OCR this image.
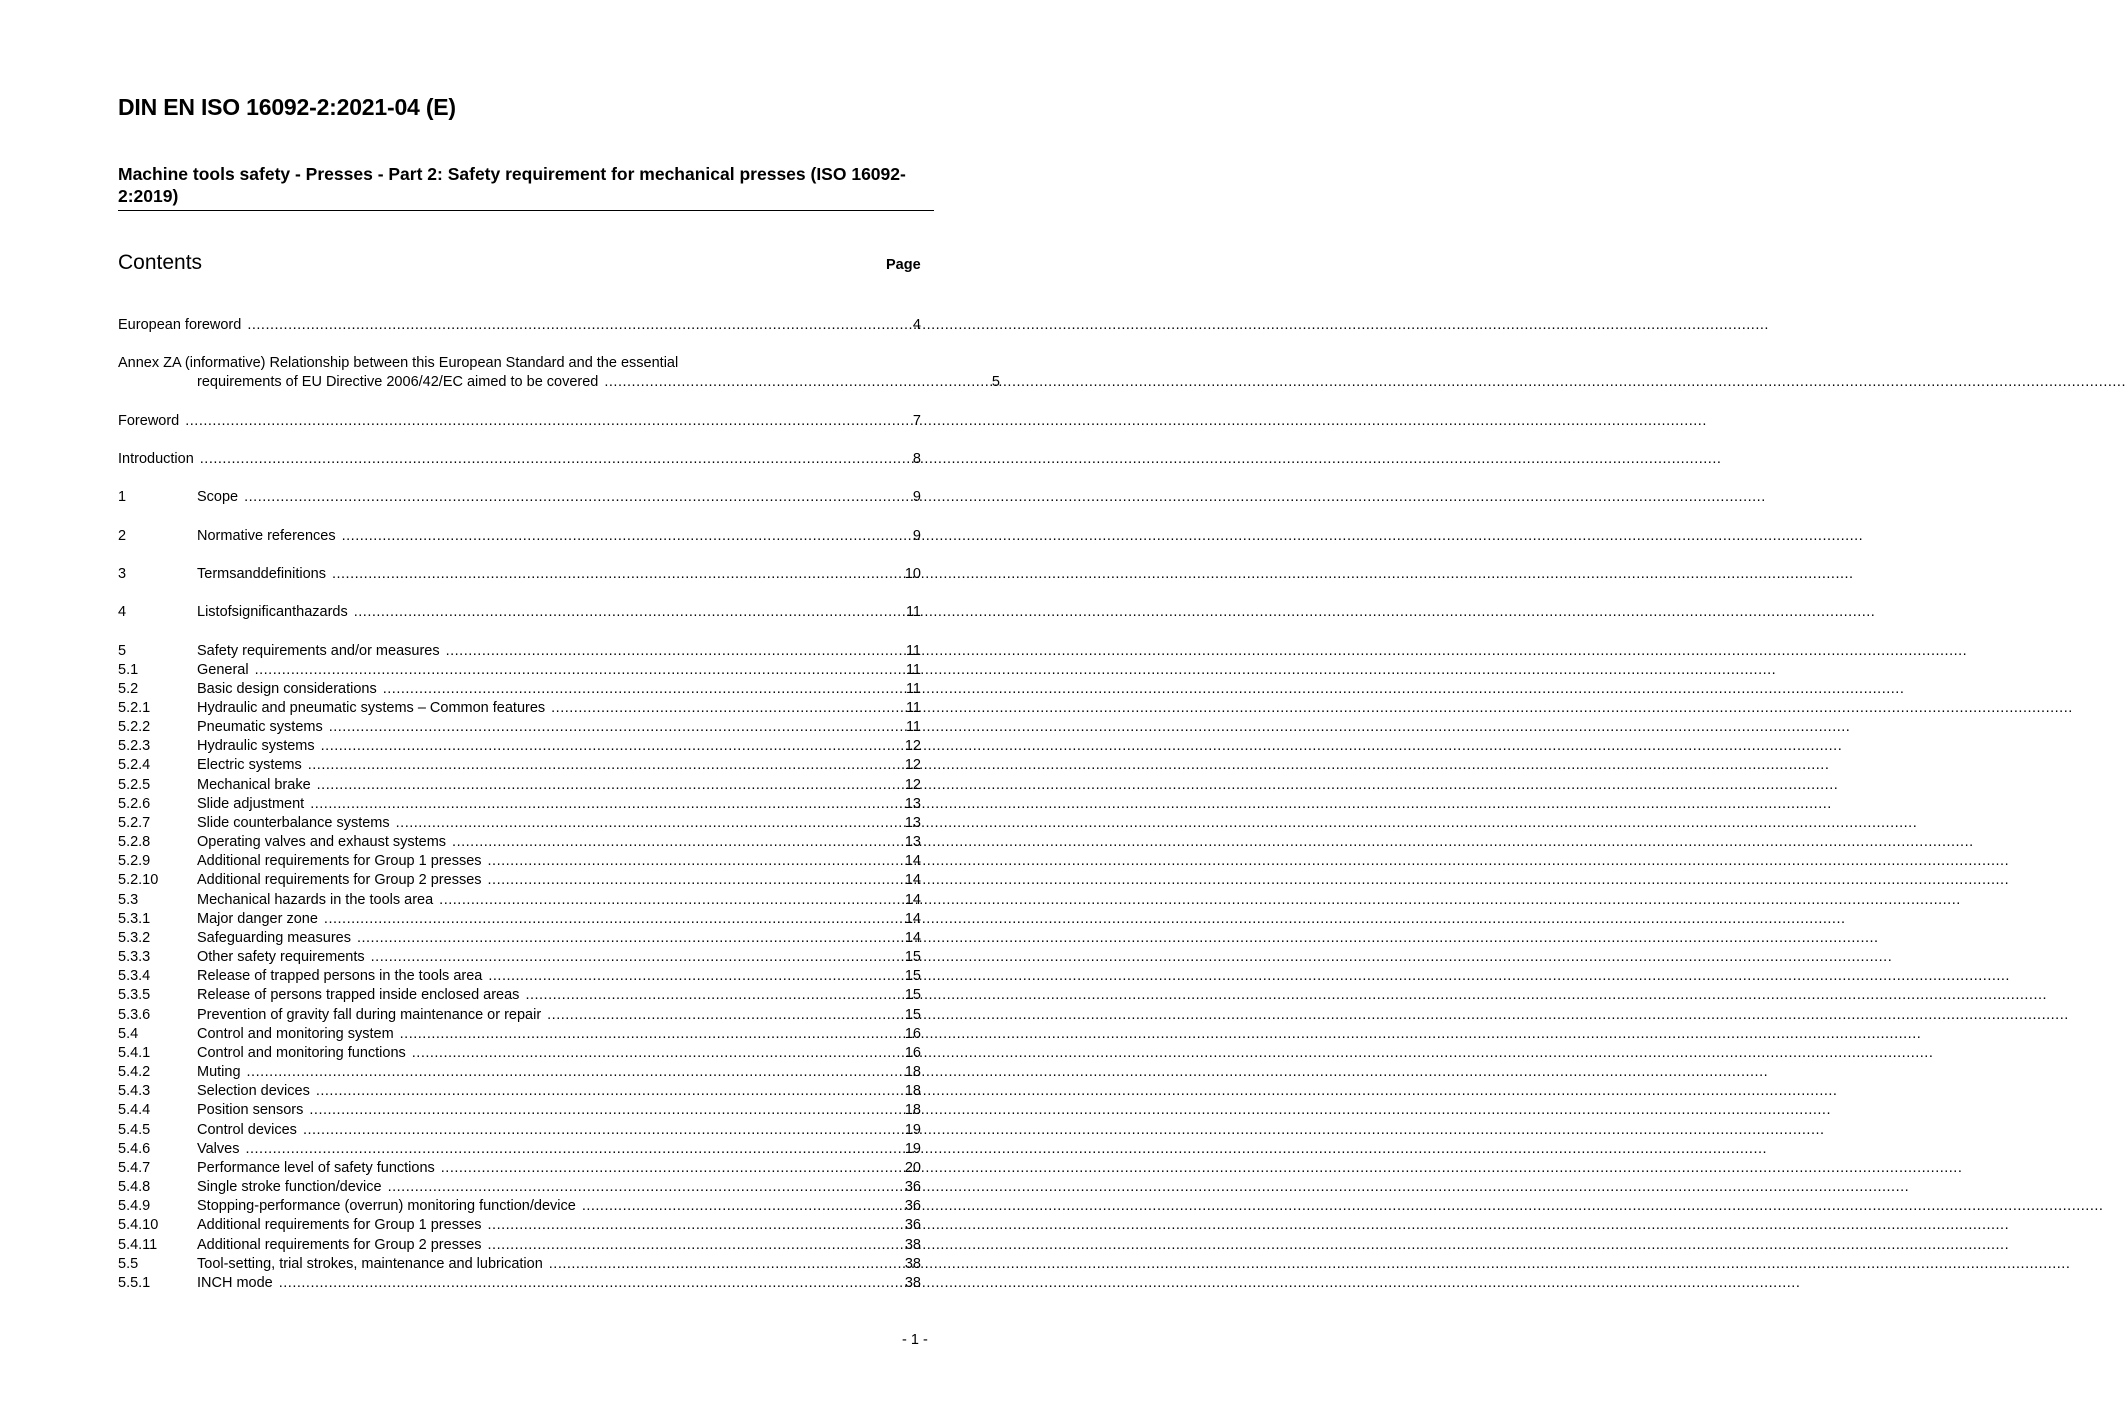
DIN EN ISO 16092-2:2021-04 (E)
Machine tools safety - Presses - Part 2: Safety requirement for mechanical presses (ISO 16092-2:2019)
Contents	Page
European foreword .....	4
Annex ZA (informative) Relationship between this European Standard and the essential
requirements of EU Directive 2006/42/EC aimed to be covered .....	5
Foreword .....	7
Introduction .....	8
1	Scope .....	9
2	Normative references .....	9
3	Termsanddefinitions .....	10
4	Listofsignificanthazards .....	11
5	Safety requirements and/or measures .....	11
5.1	General .....	11
5.2	Basic design considerations .....	11
5.2.1	Hydraulic and pneumatic systems – Common features .....	11
5.2.2	Pneumatic systems .....	11
5.2.3	Hydraulic systems .....	12
5.2.4	Electric systems .....	12
5.2.5	Mechanical brake .....	12
5.2.6	Slide adjustment .....	13
5.2.7	Slide counterbalance systems .....	13
5.2.8	Operating valves and exhaust systems .....	13
5.2.9	Additional requirements for Group 1 presses .....	14
5.2.10	Additional requirements for Group 2 presses .....	14
5.3	Mechanical hazards in the tools area .....	14
5.3.1	Major danger zone .....	14
5.3.2	Safeguarding measures .....	14
5.3.3	Other safety requirements .....	15
5.3.4	Release of trapped persons in the tools area .....	15
5.3.5	Release of persons trapped inside enclosed areas .....	15
5.3.6	Prevention of gravity fall during maintenance or repair .....	15
5.4	Control and monitoring system .....	16
5.4.1	Control and monitoring functions .....	16
5.4.2	Muting .....	18
5.4.3	Selection devices .....	18
5.4.4	Position sensors .....	18
5.4.5	Control devices .....	19
5.4.6	Valves .....	19
5.4.7	Performance level of safety functions .....	20
5.4.8	Single stroke function/device .....	36
5.4.9	Stopping-performance (overrun) monitoring function/device .....	36
5.4.10	Additional requirements for Group 1 presses .....	36
5.4.11	Additional requirements for Group 2 presses .....	38
5.5	Tool-setting, trial strokes, maintenance and lubrication .....	38
5.5.1	INCH mode .....	38
- 1 -
